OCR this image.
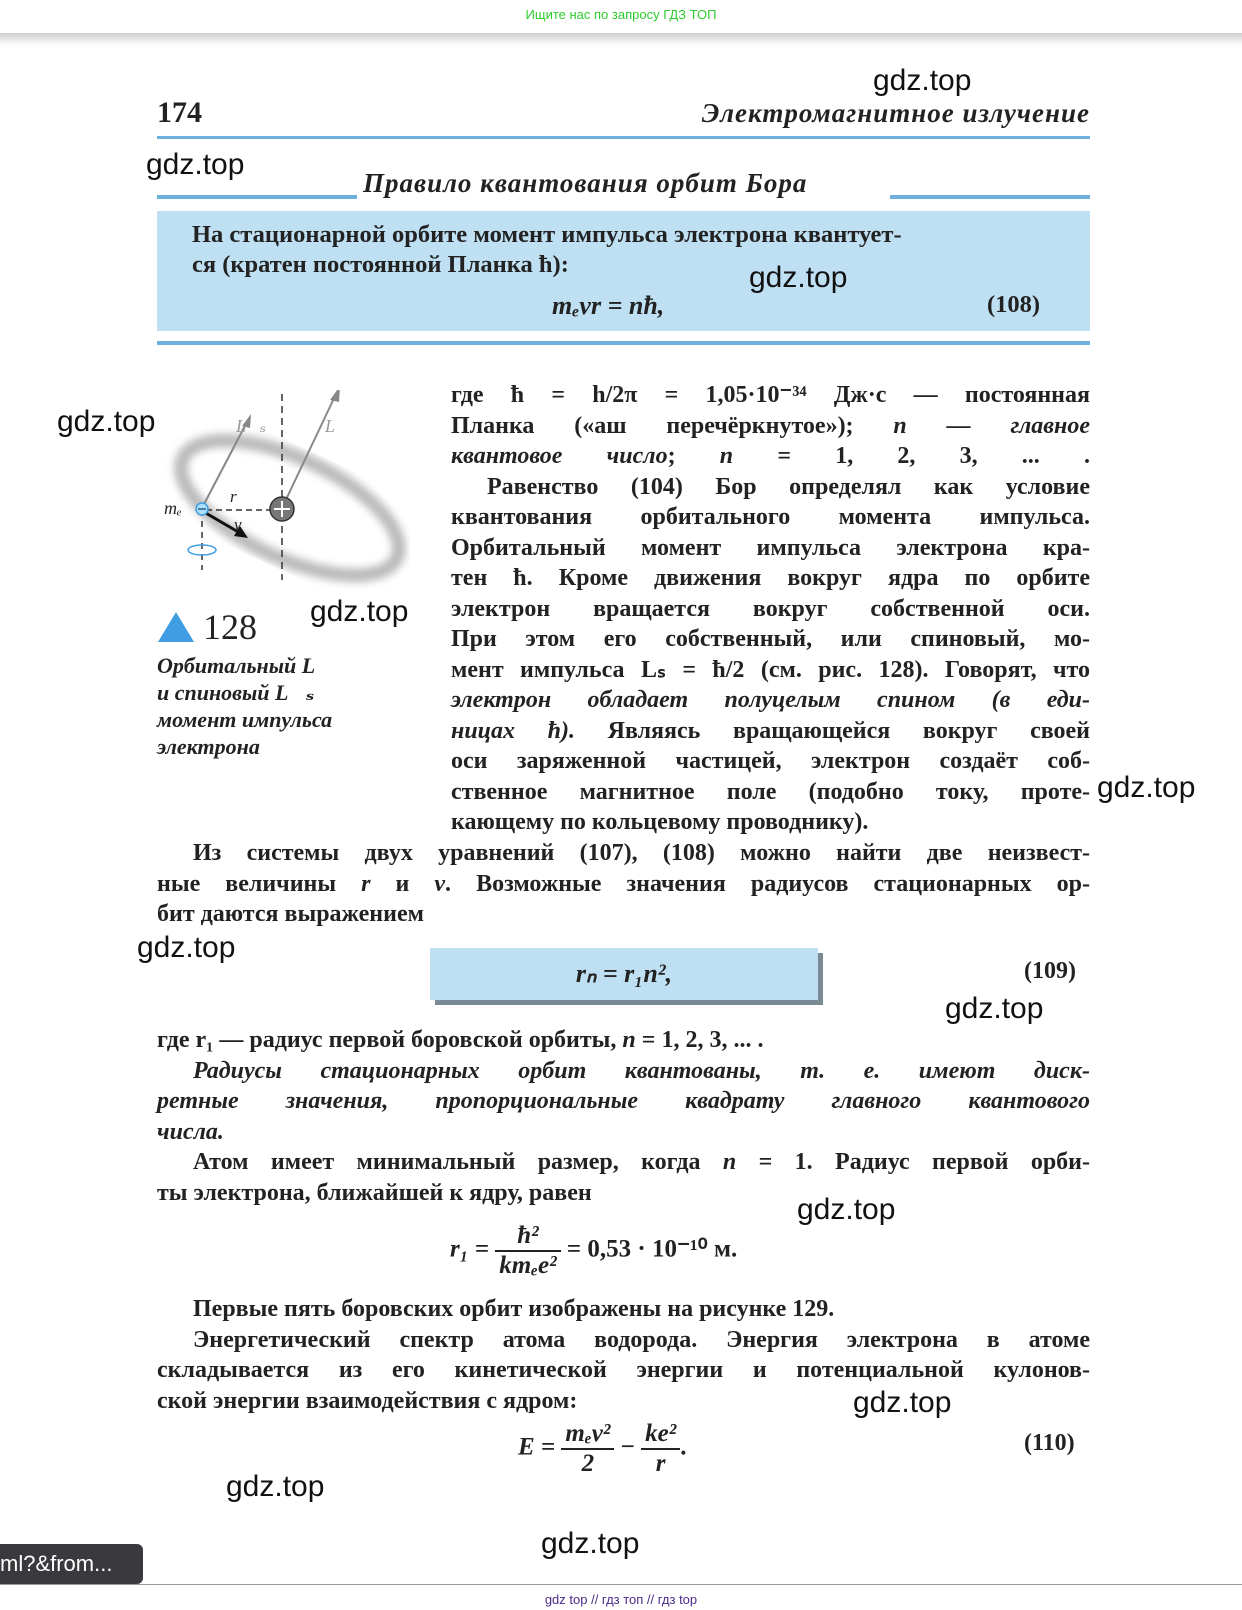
Ищите нас по запросу ГДЗ ТОП
174	Электромагнитное излучение
Правило квантования орбит Бора
На стационарной орбите момент импульса электрона квантует-
ся (кратен постоянной Планка ħ):
mₑvr = nħ,	(108)
L⃗ₛ	L⃗
r
v⃗
mₑ
128
Орбитальный L⃗
и спиновый L⃗ₛ
момент импульса
электрона
где ħ = h/2π = 1,05·10⁻³⁴ Дж·с — постоянная
Планка («аш перечёркнутое»); n — главное
квантовое число; n = 1, 2, 3, ... .
Равенство (104) Бор определял как условие
квантования орбитального момента импульса.
Орбитальный момент импульса электрона кра-
тен ħ. Кроме движения вокруг ядра по орбите
электрон вращается вокруг собственной оси.
При этом его собственный, или спиновый, мо-
мент импульса Lₛ = ħ/2 (см. рис. 128). Говорят, что
электрон обладает полуцелым спином (в еди-
ницах ħ). Являясь вращающейся вокруг своей
оси заряженной частицей, электрон создаёт соб-
ственное магнитное поле (подобно току, проте-
кающему по кольцевому проводнику).
Из системы двух уравнений (107), (108) можно найти две неизвест-
ные величины r и v. Возможные значения радиусов стационарных ор-
бит даются выражением
rₙ = r₁n²,	(109)
где r₁ — радиус первой боровской орбиты, n = 1, 2, 3, ... .
Радиусы стационарных орбит квантованы, т. е. имеют диск-
ретные значения, пропорциональные квадрату главного квантового
числа.
Атом имеет минимальный размер, когда n = 1. Радиус первой орби-
ты электрона, ближайшей к ядру, равен
$r_1 = \frac{\text{ħ²}}{\text{kmₑe²}} = 0,53 \cdot 10^{-10}$ м.
Первые пять боровских орбит изображены на рисунке 129.
Энергетический спектр атома водорода. Энергия электрона в атоме
складывается из его кинетической энергии и потенциальной кулонов-
ской энергии взаимодействия с ядром:
$E = \frac{\text{mₑv²}}{2} - \frac{\text{ke²}}{r}$ .	(110)
gdz.top
gdz.top
gdz.top
gdz.top
gdz.top
gdz.top
gdz.top
gdz.top
gdz.top
gdz.top
gdz.top
gdz.top
ml?&from...
gdz top // гдз топ // гдз top
